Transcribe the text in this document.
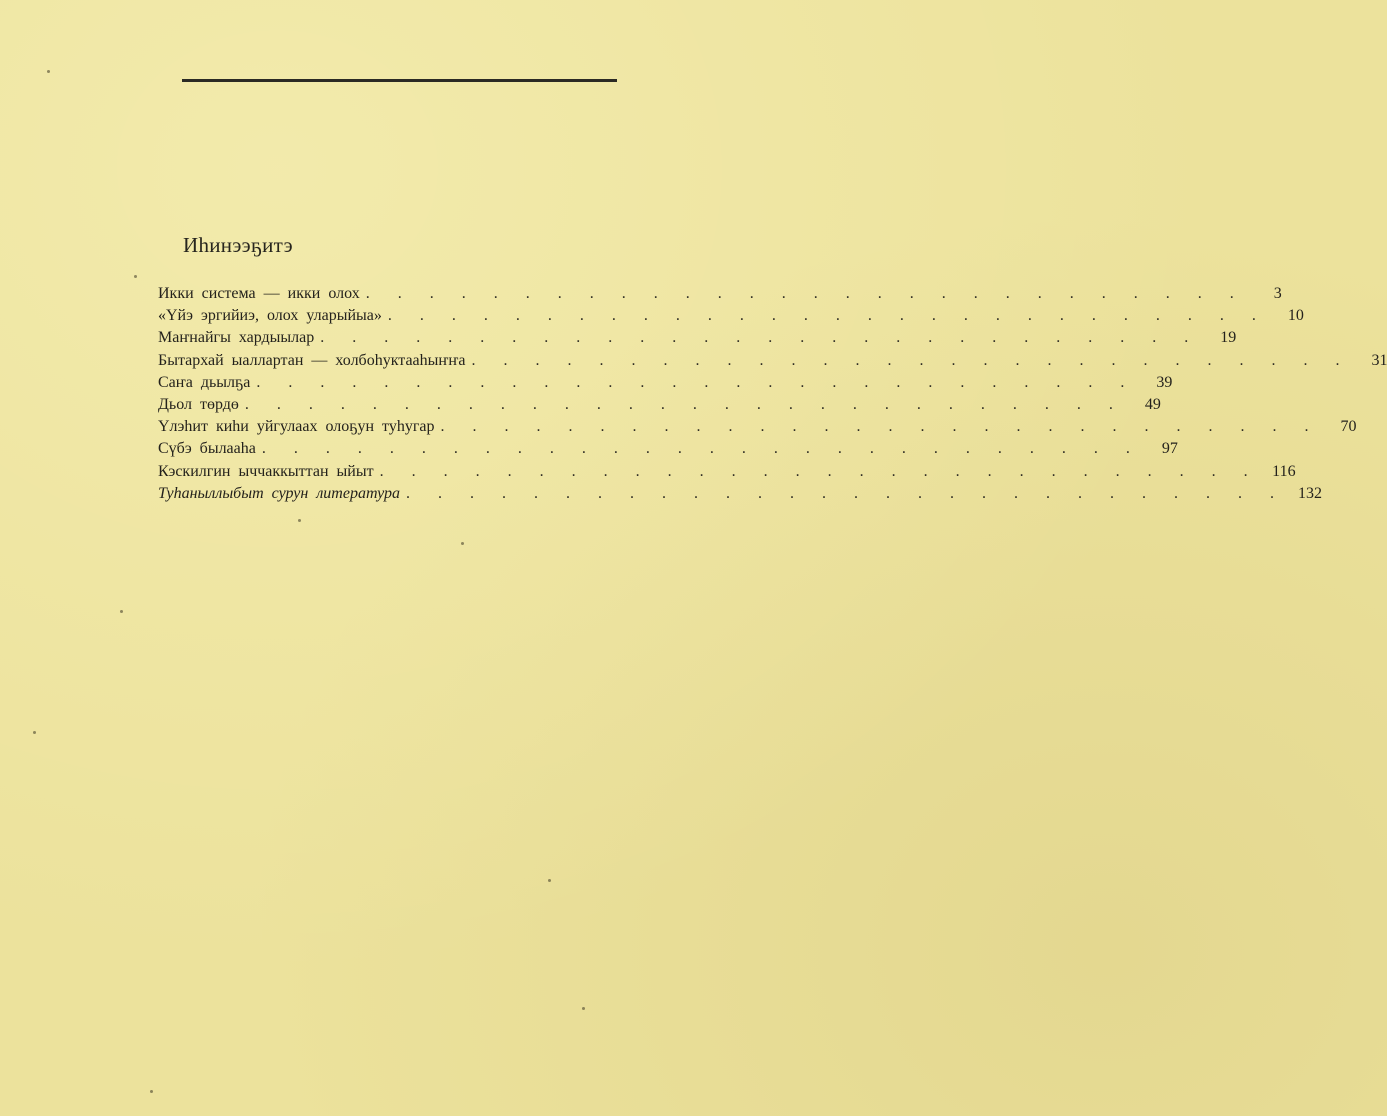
Иһинээҕитэ
Икки система — икки олох . . . . . . . . . . . . . . . . . . . . . . . . . . . .	3
«Үйэ эргийиэ, олох уларыйыа» . . . . . . . . . . . . . . . . . . . . . . . . . . . .	10
Маҥнайгы хардыылар . . . . . . . . . . . . . . . . . . . . . . . . . . . .	19
Бытархай ыаллартан — холбоһуктааһыҥҥа . . . . . . . . . . . . . . . . . . . . . . . . . . . .	31
Саҥа дьылҕа . . . . . . . . . . . . . . . . . . . . . . . . . . . .	39
Дьол төрдө . . . . . . . . . . . . . . . . . . . . . . . . . . . .	49
Үлэһит киһи уйгулаах олоҕун туһугар . . . . . . . . . . . . . . . . . . . . . . . . . . . .	70
Сүбэ былааһа . . . . . . . . . . . . . . . . . . . . . . . . . . . .	97
Кэскилгин ыччаккыттан ыйыт . . . . . . . . . . . . . . . . . . . . . . . . . . . . 116
Туһаныллыбыт сурун литература . . . . . . . . . . . . . . . . . . . . . . . . . . . . 132
